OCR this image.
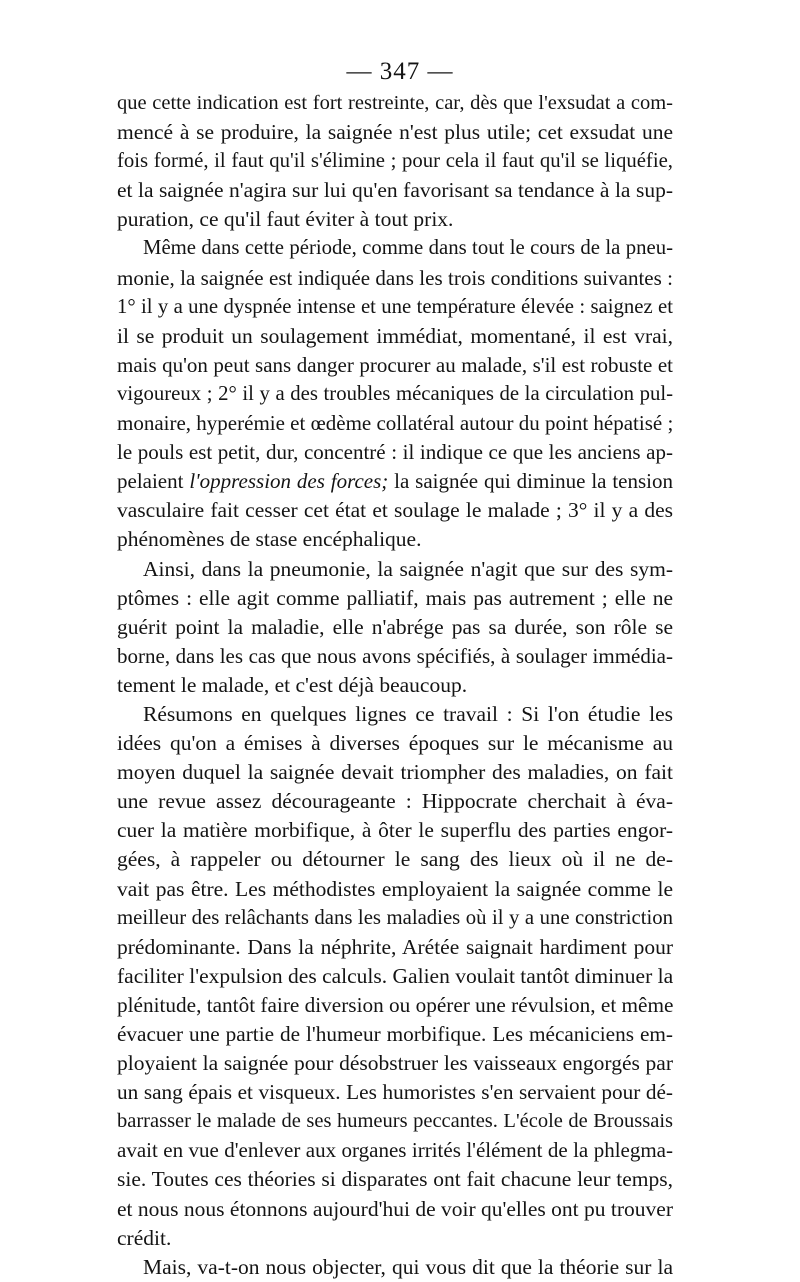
— 347 —
que cette indication est fort restreinte, car, dès que l'exsudat a com-
mencé à se produire, la saignée n'est plus utile; cet exsudat une
fois formé, il faut qu'il s'élimine ; pour cela il faut qu'il se liquéfie,
et la saignée n'agira sur lui qu'en favorisant sa tendance à la sup-
puration, ce qu'il faut éviter à tout prix.
Même dans cette période, comme dans tout le cours de la pneu-
monie, la saignée est indiquée dans les trois conditions suivantes :
1° il y a une dyspnée intense et une température élevée : saignez et
il se produit un soulagement immédiat, momentané, il est vrai,
mais qu'on peut sans danger procurer au malade, s'il est robuste et
vigoureux ; 2° il y a des troubles mécaniques de la circulation pul-
monaire, hyperémie et œdème collatéral autour du point hépatisé ;
le pouls est petit, dur, concentré : il indique ce que les anciens ap-
pelaient l'oppression des forces; la saignée qui diminue la tension
vasculaire fait cesser cet état et soulage le malade ; 3° il y a des
phénomènes de stase encéphalique.
Ainsi, dans la pneumonie, la saignée n'agit que sur des sym-
ptômes : elle agit comme palliatif, mais pas autrement ; elle ne
guérit point la maladie, elle n'abrége pas sa durée, son rôle se
borne, dans les cas que nous avons spécifiés, à soulager immédia-
tement le malade, et c'est déjà beaucoup.
Résumons en quelques lignes ce travail : Si l'on étudie les
idées qu'on a émises à diverses époques sur le mécanisme au
moyen duquel la saignée devait triompher des maladies, on fait
une revue assez décourageante : Hippocrate cherchait à éva-
cuer la matière morbifique, à ôter le superflu des parties engor-
gées, à rappeler ou détourner le sang des lieux où il ne de-
vait pas être. Les méthodistes employaient la saignée comme le
meilleur des relâchants dans les maladies où il y a une constriction
prédominante. Dans la néphrite, Arétée saignait hardiment pour
faciliter l'expulsion des calculs. Galien voulait tantôt diminuer la
plénitude, tantôt faire diversion ou opérer une révulsion, et même
évacuer une partie de l'humeur morbifique. Les mécaniciens em-
ployaient la saignée pour désobstruer les vaisseaux engorgés par
un sang épais et visqueux. Les humoristes s'en servaient pour dé-
barrasser le malade de ses humeurs peccantes. L'école de Broussais
avait en vue d'enlever aux organes irrités l'élément de la phlegma-
sie. Toutes ces théories si disparates ont fait chacune leur temps,
et nous nous étonnons aujourd'hui de voir qu'elles ont pu trouver
crédit.
Mais, va-t-on nous objecter, qui vous dit que la théorie sur la
